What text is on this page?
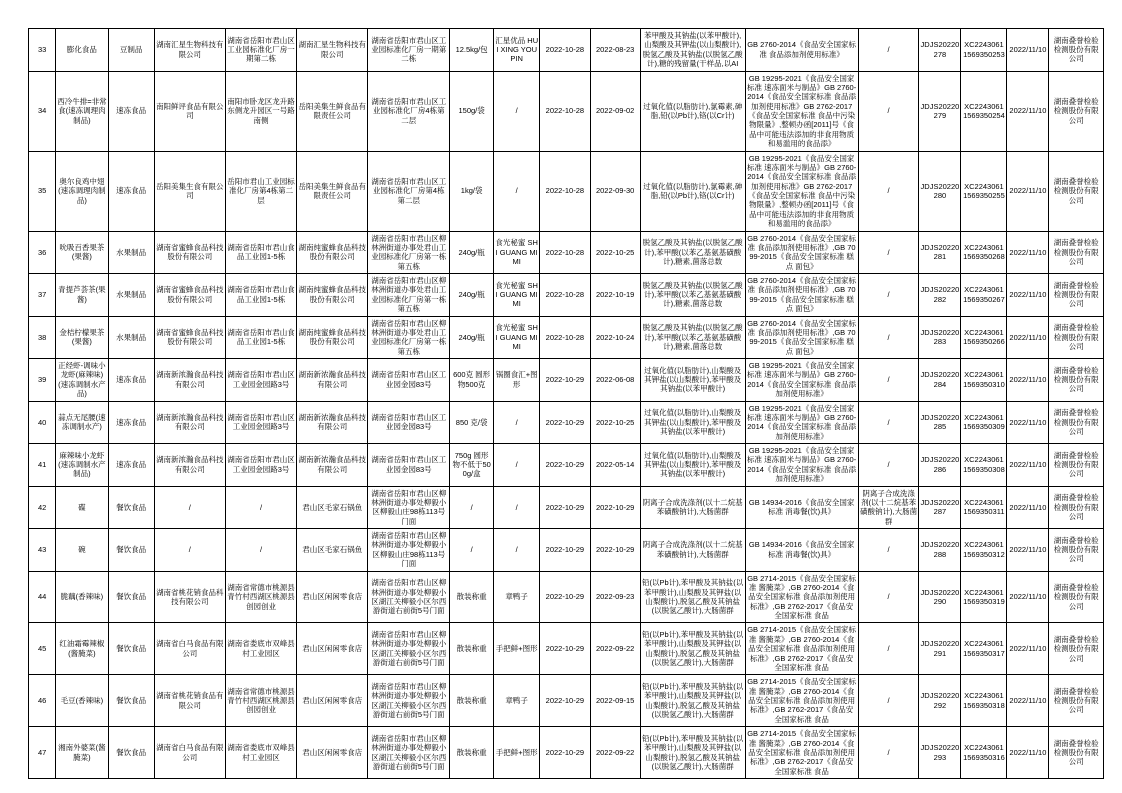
33	膨化食品	豆制品	湖南汇星生物科技有限公司	湖南省岳阳市君山区工业园标准化厂房一期第二栋	湖南汇星生物科技有限公司	湖南省岳阳市君山区工业园标准化厂房一期第二栋	12.5kg/包	汇星优品 HUI XING YOU PIN	2022-10-28	2022-08-23	苯甲酸及其钠盐(以苯甲酸计),山梨酸及其钾盐(以山梨酸计),脱氢乙酸及其钠盐(以脱氢乙酸计),糖的残留量(干样品,以AI	GB 2760-2014《食品安全国家标准 食品添加剂使用标准》	/	JDJS20220278	XC22430611569350253	2022/11/10	湖南叠誉检验检测股份有限公司
34	西冷牛排=非常食(速冻调理肉制品)	速冻食品	南阳鲜评食品有限公司	南阳市卧龙区龙升路东侧龙升园区一号路南侧	岳阳美集生鲜食品有限责任公司	湖南省岳阳市君山区工业园标准化厂房4栋第二层	150g/袋	/	2022-10-28	2022-09-02	过氧化值(以脂肪计),氯霉素,砷脂,铅(以Pb计),铬(以Cr计)	GB 19295-2021《食品安全国家标准 速冻面米与制品》GB 2760-2014《食品安全国家标准 食品添加剂使用标准》GB 2762-2017《食品安全国家标准 食品中污染物限量》,整顿办函[2011]号《食品中可能违法添加的非食用物质和易滥用的食品添》	/	JDJS20220279	XC22430611569350254	2022/11/10	湖南叠誉检验检测股份有限公司
35	奥尔良鸡中翅(速冻调理肉制品)	速冻食品	岳阳美集生食有限公司	岳阳市君山工业园标准化厂房第4栋第二层	岳阳美集生鲜食品有限责任公司	湖南省岳阳市君山区工业园标准化厂房第4栋第二层	1kg/袋	/	2022-10-28	2022-09-30	过氧化值(以脂肪计),氯霉素,砷脂,铅(以Pb计),铬(以Cr计)	GB 19295-2021《食品安全国家标准 速冻面米与制品》GB 2760-2014《食品安全国家标准 食品添加剂使用标准》GB 2762-2017《食品安全国家标准 食品中污染物限量》,整顿办函[2011]号《食品中可能违法添加的非食用物质和易滥用的食品添》	/	JDJS20220280	XC22430611569350255	2022/11/10	湖南叠誉检验检测股份有限公司
36	吮吸百香果茶(果酱)	水果制品	湖南省蜜蜂食品科技股份有限公司	湖南省岳阳市君山食品工业园1-5栋	湖南纯蜜蜂食品科技股份有限公司	湖南省岳阳市君山区柳林洲街道办事处君山工业园标准化厂房第一栋第五栋	240g/瓶	食光秘蜜 SHI GUANG MI MI	2022-10-28	2022-10-25	脱氢乙酸及其钠盐(以脱氢乙酸计),苯甲酸(以苯乙基氨基磺酸计),糖素,菌落总数	GB 2760-2014《食品安全国家标准 食品添加剂使用标准》,GB 7099-2015《食品安全国家标准 糕点 面包》	/	JDJS20220281	XC22430611569350268	2022/11/10	湖南叠誉检验检测股份有限公司
37	青提芦荟茶(果酱)	水果制品	湖南省蜜蜂食品科技股份有限公司	湖南省岳阳市君山食品工业园1-5栋	湖南纯蜜蜂食品科技股份有限公司	湖南省岳阳市君山区柳林洲街道办事处君山工业园标准化厂房第一栋第五栋	240g/瓶	食光秘蜜 SHI GUANG MI MI	2022-10-28	2022-10-19	脱氢乙酸及其钠盐(以脱氢乙酸计),苯甲酸(以苯乙基氨基磺酸计),糖素,菌落总数	GB 2760-2014《食品安全国家标准 食品添加剂使用标准》,GB 7099-2015《食品安全国家标准 糕点 面包》	/	JDJS20220282	XC22430611569350267	2022/11/10	湖南叠誉检验检测股份有限公司
38	金桔柠檬果茶(果酱)	水果制品	湖南省蜜蜂食品科技股份有限公司	湖南省岳阳市君山食品工业园1-5栋	湖南纯蜜蜂食品科技股份有限公司	湖南省岳阳市君山区柳林洲街道办事处君山工业园标准化厂房第一栋第五栋	240g/瓶	食光秘蜜 SHI GUANG MI MI	2022-10-28	2022-10-24	脱氢乙酸及其钠盐(以脱氢乙酸计),苯甲酸(以苯乙基氨基磺酸计),糖素,菌落总数	GB 2760-2014《食品安全国家标准 食品添加剂使用标准》,GB 7099-2015《食品安全国家标准 糕点 面包》	/	JDJS20220283	XC22430611569350266	2022/11/10	湖南叠誉检验检测股份有限公司
39	正经虾-调味小龙虾(麻辣味)(速冻调制水产品)	速冻食品	湖南新浓瀚食品科技有限公司	湖南省岳阳市君山区工业园金园路3号	湖南新浓瀚食品科技有限公司	湖南省岳阳市君山区工业园金园83号	600克 圆形物500克	锅圈食汇+图形	2022-10-29	2022-06-08	过氧化值(以脂肪计),山梨酸及其钾盐(以山梨酸计),苯甲酸及其钠盐(以苯甲酸计)	GB 19295-2021《食品安全国家标准 速冻面米与制品》GB 2760-2014《食品安全国家标准 食品添加剂使用标准》	/	JDJS20220284	XC22430611569350310	2022/11/10	湖南叠誉检验检测股份有限公司
40	蒜点无尾腰(速冻调制水产)	速冻食品	湖南新浓瀚食品科技有限公司	湖南省岳阳市君山区工业园金园路3号	湖南新浓瀚食品科技有限公司	湖南省岳阳市君山区工业园金园83号	850 克/袋	/	2022-10-29	2022-10-25	过氧化值(以脂肪计),山梨酸及其钾盐(以山梨酸计),苯甲酸及其钠盐(以苯甲酸计)	GB 19295-2021《食品安全国家标准 速冻面米与制品》GB 2760-2014《食品安全国家标准 食品添加剂使用标准》	/	JDJS20220285	XC22430611569350309	2022/11/10	湖南叠誉检验检测股份有限公司
41	麻辣味小龙虾(速冻调制水产制品)	速冻食品	湖南新浓瀚食品科技有限公司	湖南省岳阳市君山区工业园金园路3号	湖南新浓瀚食品科技有限公司	湖南省岳阳市君山区工业园金园83号	750g 圆形物不低于500g/盒	/	2022-10-29	2022-05-14	过氧化值(以脂肪计),山梨酸及其钾盐(以山梨酸计),苯甲酸及其钠盐(以苯甲酸计)	GB 19295-2021《食品安全国家标准 速冻面米与制品》GB 2760-2014《食品安全国家标准 食品添加剂使用标准》	/	JDJS20220286	XC22430611569350308	2022/11/10	湖南叠誉检验检测股份有限公司
42	碟	餐饮食品	/	/	君山区毛家石锅鱼	湖南省岳阳市君山区柳林洲街道办事处柳毅小区柳毅山庄98栋113号门面	/	/	2022-10-29	2022-10-29	阴离子合成洗涤剂(以十二烷基苯磺酸钠计),大肠菌群	GB 14934-2016《食品安全国家标准 消毒餐(饮)具》	阴离子合成洗涤剂(以十二烷基苯磺酸钠计),大肠菌群	JDJS20220287	XC22430611569350311	2022/11/10	湖南叠誉检验检测股份有限公司
43	碗	餐饮食品	/	/	君山区毛家石锅鱼	湖南省岳阳市君山区柳林洲街道办事处柳毅小区柳毅山庄98栋113号门面	/	/	2022-10-29	2022-10-29	阴离子合成洗涤剂(以十二烷基苯磺酸钠计),大肠菌群	GB 14934-2016《食品安全国家标准 消毒餐(饮)具》	/	JDJS20220288	XC22430611569350312	2022/11/10	湖南叠誉检验检测股份有限公司
44	脆藕(香辣味)	餐饮食品	湖南省桃花销食品科技有限公司	湖南省常德市桃源县青竹村西湖区桃源县创园创业	君山区闲闲零食店	湖南省岳阳市君山区柳林洲街道办事处柳毅小区湖江关柳毅小区尔西游街道右前街5号门面	散装称重	章鸭子	2022-10-29	2022-09-23	铅(以Pb计),苯甲酸及其钠盐(以苯甲酸计),山梨酸及其钾盐(以山梨酸计),脱氢乙酸及其钠盐(以脱氢乙酸计),大肠菌群	GB 2714-2015《食品安全国家标准 酱腌菜》,GB 2760-2014《食品安全国家标准 食品添加剂使用标准》,GB 2762-2017《食品安全国家标准 食品	/	JDJS20220290	XC22430611569350319	2022/11/10	湖南叠誉检验检测股份有限公司
45	红油霜霉辣椒(酱腌菜)	餐饮食品	湖南省白马食品有限公司	湖南省娄底市双峰县村工业园区	君山区闲闲零食店	湖南省岳阳市君山区柳林洲街道办事处柳毅小区湖江关柳毅小区尔西游街道右前街5号门面	散装称重	手把鲜+图形	2022-10-29	2022-09-22	铅(以Pb计),苯甲酸及其钠盐(以苯甲酸计),山梨酸及其钾盐(以山梨酸计),脱氢乙酸及其钠盐(以脱氢乙酸计),大肠菌群	GB 2714-2015《食品安全国家标准 酱腌菜》,GB 2760-2014《食品安全国家标准 食品添加剂使用标准》,GB 2762-2017《食品安全国家标准 食品	/	JDJS20220291	XC22430611569350317	2022/11/10	湖南叠誉检验检测股份有限公司
46	毛豆(香辣味)	餐饮食品	湖南省桃花销食品有限公司	湖南省常德市桃源县青竹村西湖区桃源县创园创业	君山区闲闲零食店	湖南省岳阳市君山区柳林洲街道办事处柳毅小区湖江关柳毅小区尔西游街道右前街5号门面	散装称重	章鸭子	2022-10-29	2022-09-15	铅(以Pb计),苯甲酸及其钠盐(以苯甲酸计),山梨酸及其钾盐(以山梨酸计),脱氢乙酸及其钠盐(以脱氢乙酸计),大肠菌群	GB 2714-2015《食品安全国家标准 酱腌菜》,GB 2760-2014《食品安全国家标准 食品添加剂使用标准》,GB 2762-2017《食品安全国家标准 食品	/	JDJS20220292	XC22430611569350318	2022/11/10	湖南叠誉检验检测股份有限公司
47	湘南外婆菜(酱腌菜)	餐饮食品	湖南省白马食品有限公司	湖南省娄底市双峰县村工业园区	君山区闲闲零食店	湖南省岳阳市君山区柳林洲街道办事处柳毅小区湖江关柳毅小区尔西游街道右前街5号门面	散装称重	手把鲜+图形	2022-10-29	2022-09-22	铅(以Pb计),苯甲酸及其钠盐(以苯甲酸计),山梨酸及其钾盐(以山梨酸计),脱氢乙酸及其钠盐(以脱氢乙酸计),大肠菌群	GB 2714-2015《食品安全国家标准 酱腌菜》,GB 2760-2014《食品安全国家标准 食品添加剂使用标准》,GB 2762-2017《食品安全国家标准 食品	/	JDJS20220293	XC22430611569350316	2022/11/10	湖南叠誉检验检测股份有限公司
